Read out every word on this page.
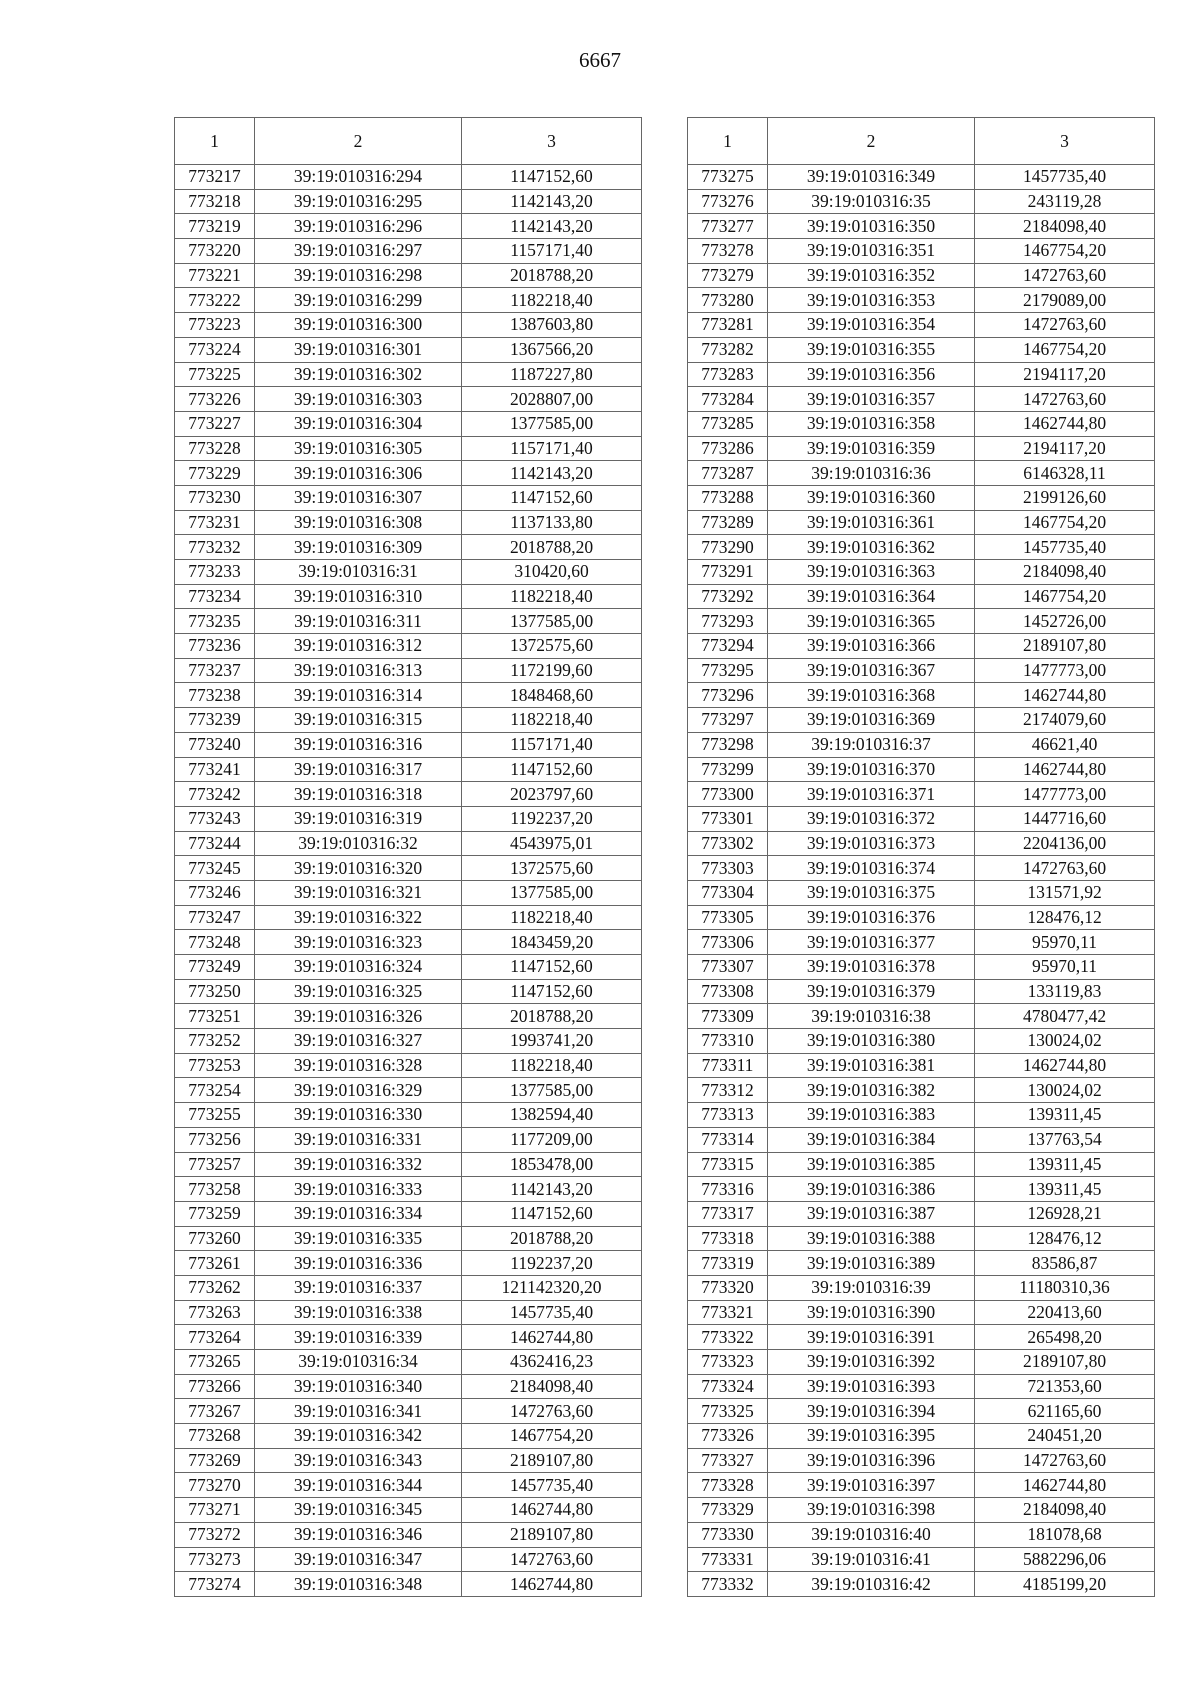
6667
1	2	3
773217	39:19:010316:294	1147152,60
773218	39:19:010316:295	1142143,20
773219	39:19:010316:296	1142143,20
773220	39:19:010316:297	1157171,40
773221	39:19:010316:298	2018788,20
773222	39:19:010316:299	1182218,40
773223	39:19:010316:300	1387603,80
773224	39:19:010316:301	1367566,20
773225	39:19:010316:302	1187227,80
773226	39:19:010316:303	2028807,00
773227	39:19:010316:304	1377585,00
773228	39:19:010316:305	1157171,40
773229	39:19:010316:306	1142143,20
773230	39:19:010316:307	1147152,60
773231	39:19:010316:308	1137133,80
773232	39:19:010316:309	2018788,20
773233	39:19:010316:31	310420,60
773234	39:19:010316:310	1182218,40
773235	39:19:010316:311	1377585,00
773236	39:19:010316:312	1372575,60
773237	39:19:010316:313	1172199,60
773238	39:19:010316:314	1848468,60
773239	39:19:010316:315	1182218,40
773240	39:19:010316:316	1157171,40
773241	39:19:010316:317	1147152,60
773242	39:19:010316:318	2023797,60
773243	39:19:010316:319	1192237,20
773244	39:19:010316:32	4543975,01
773245	39:19:010316:320	1372575,60
773246	39:19:010316:321	1377585,00
773247	39:19:010316:322	1182218,40
773248	39:19:010316:323	1843459,20
773249	39:19:010316:324	1147152,60
773250	39:19:010316:325	1147152,60
773251	39:19:010316:326	2018788,20
773252	39:19:010316:327	1993741,20
773253	39:19:010316:328	1182218,40
773254	39:19:010316:329	1377585,00
773255	39:19:010316:330	1382594,40
773256	39:19:010316:331	1177209,00
773257	39:19:010316:332	1853478,00
773258	39:19:010316:333	1142143,20
773259	39:19:010316:334	1147152,60
773260	39:19:010316:335	2018788,20
773261	39:19:010316:336	1192237,20
773262	39:19:010316:337	121142320,20
773263	39:19:010316:338	1457735,40
773264	39:19:010316:339	1462744,80
773265	39:19:010316:34	4362416,23
773266	39:19:010316:340	2184098,40
773267	39:19:010316:341	1472763,60
773268	39:19:010316:342	1467754,20
773269	39:19:010316:343	2189107,80
773270	39:19:010316:344	1457735,40
773271	39:19:010316:345	1462744,80
773272	39:19:010316:346	2189107,80
773273	39:19:010316:347	1472763,60
773274	39:19:010316:348	1462744,80
1	2	3
773275	39:19:010316:349	1457735,40
773276	39:19:010316:35	243119,28
773277	39:19:010316:350	2184098,40
773278	39:19:010316:351	1467754,20
773279	39:19:010316:352	1472763,60
773280	39:19:010316:353	2179089,00
773281	39:19:010316:354	1472763,60
773282	39:19:010316:355	1467754,20
773283	39:19:010316:356	2194117,20
773284	39:19:010316:357	1472763,60
773285	39:19:010316:358	1462744,80
773286	39:19:010316:359	2194117,20
773287	39:19:010316:36	6146328,11
773288	39:19:010316:360	2199126,60
773289	39:19:010316:361	1467754,20
773290	39:19:010316:362	1457735,40
773291	39:19:010316:363	2184098,40
773292	39:19:010316:364	1467754,20
773293	39:19:010316:365	1452726,00
773294	39:19:010316:366	2189107,80
773295	39:19:010316:367	1477773,00
773296	39:19:010316:368	1462744,80
773297	39:19:010316:369	2174079,60
773298	39:19:010316:37	46621,40
773299	39:19:010316:370	1462744,80
773300	39:19:010316:371	1477773,00
773301	39:19:010316:372	1447716,60
773302	39:19:010316:373	2204136,00
773303	39:19:010316:374	1472763,60
773304	39:19:010316:375	131571,92
773305	39:19:010316:376	128476,12
773306	39:19:010316:377	95970,11
773307	39:19:010316:378	95970,11
773308	39:19:010316:379	133119,83
773309	39:19:010316:38	4780477,42
773310	39:19:010316:380	130024,02
773311	39:19:010316:381	1462744,80
773312	39:19:010316:382	130024,02
773313	39:19:010316:383	139311,45
773314	39:19:010316:384	137763,54
773315	39:19:010316:385	139311,45
773316	39:19:010316:386	139311,45
773317	39:19:010316:387	126928,21
773318	39:19:010316:388	128476,12
773319	39:19:010316:389	83586,87
773320	39:19:010316:39	11180310,36
773321	39:19:010316:390	220413,60
773322	39:19:010316:391	265498,20
773323	39:19:010316:392	2189107,80
773324	39:19:010316:393	721353,60
773325	39:19:010316:394	621165,60
773326	39:19:010316:395	240451,20
773327	39:19:010316:396	1472763,60
773328	39:19:010316:397	1462744,80
773329	39:19:010316:398	2184098,40
773330	39:19:010316:40	181078,68
773331	39:19:010316:41	5882296,06
773332	39:19:010316:42	4185199,20
